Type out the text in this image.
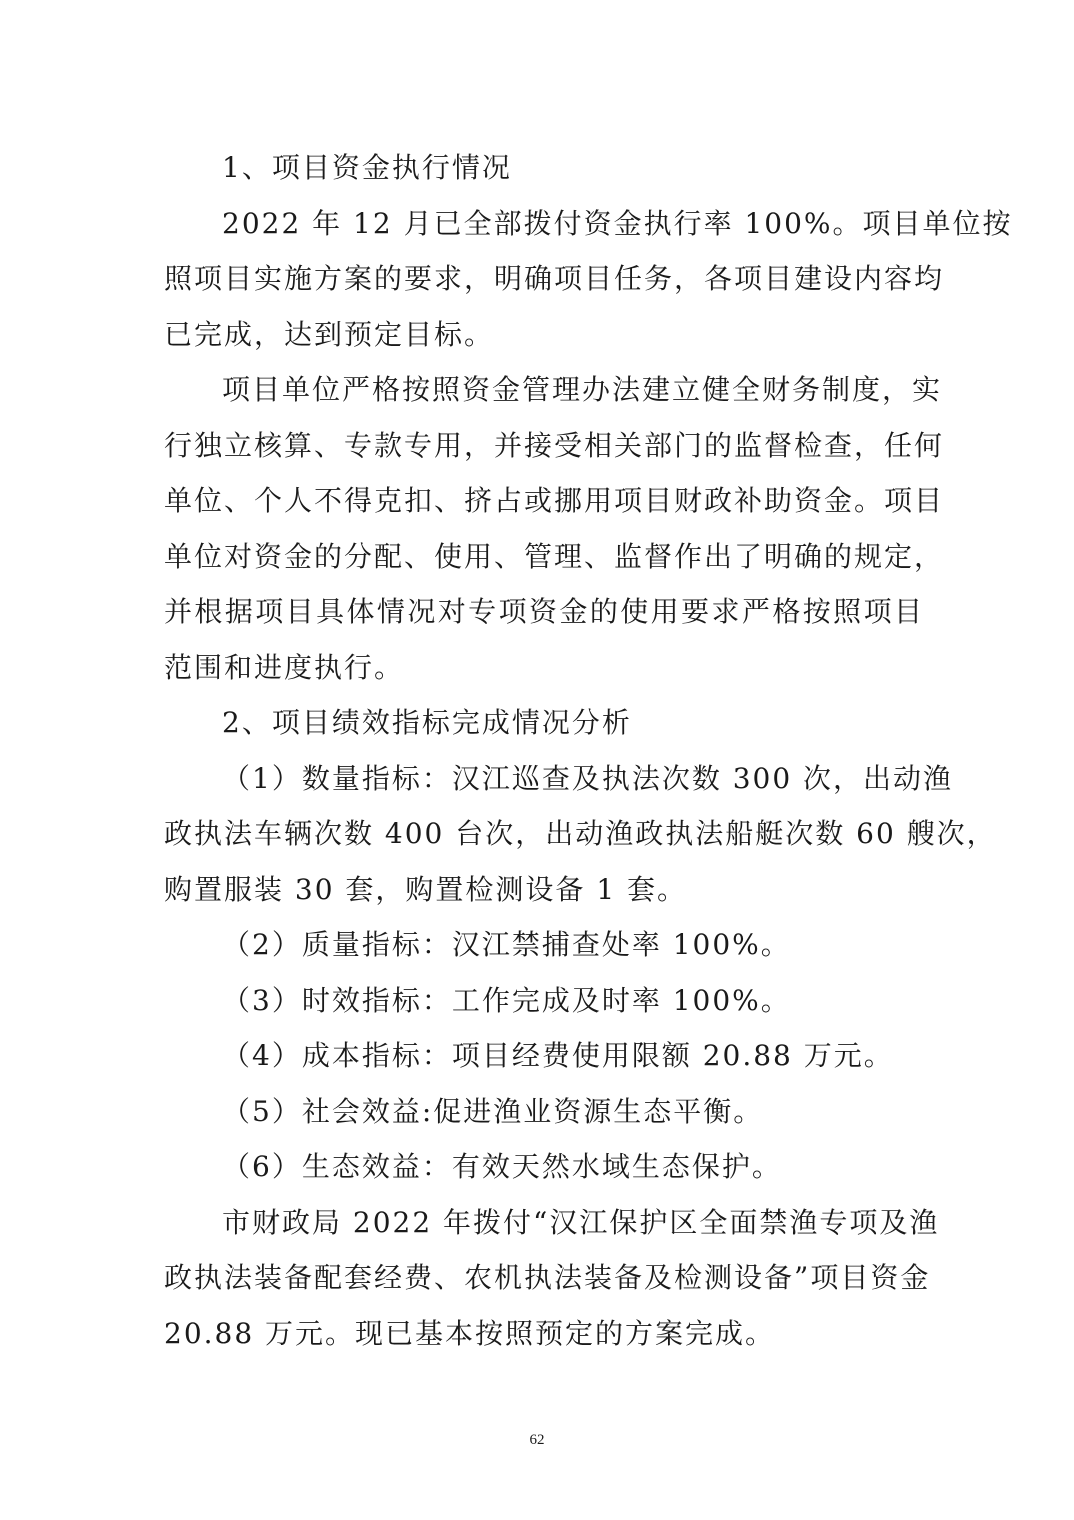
1、项目资金执行情况
2022 年 12 月已全部拨付资金执行率 100%。项目单位按
照项目实施方案的要求，明确项目任务，各项目建设内容均
已完成，达到预定目标。
项目单位严格按照资金管理办法建立健全财务制度，实
行独立核算、专款专用，并接受相关部门的监督检查，任何
单位、个人不得克扣、挤占或挪用项目财政补助资金。项目
单位对资金的分配、使用、管理、监督作出了明确的规定，
并根据项目具体情况对专项资金的使用要求严格按照项目
范围和进度执行。
2、项目绩效指标完成情况分析
（1）数量指标：汉江巡查及执法次数 300 次，出动渔
政执法车辆次数 400 台次，出动渔政执法船艇次数 60 艘次，
购置服装 30 套，购置检测设备 1 套。
（2）质量指标：汉江禁捕查处率 100%。
（3）时效指标：工作完成及时率 100%。
（4）成本指标：项目经费使用限额 20.88 万元。
（5）社会效益:促进渔业资源生态平衡。
（6）生态效益：有效天然水域生态保护。
市财政局 2022 年拨付“汉江保护区全面禁渔专项及渔
政执法装备配套经费、农机执法装备及检测设备”项目资金
20.88 万元。现已基本按照预定的方案完成。
62
